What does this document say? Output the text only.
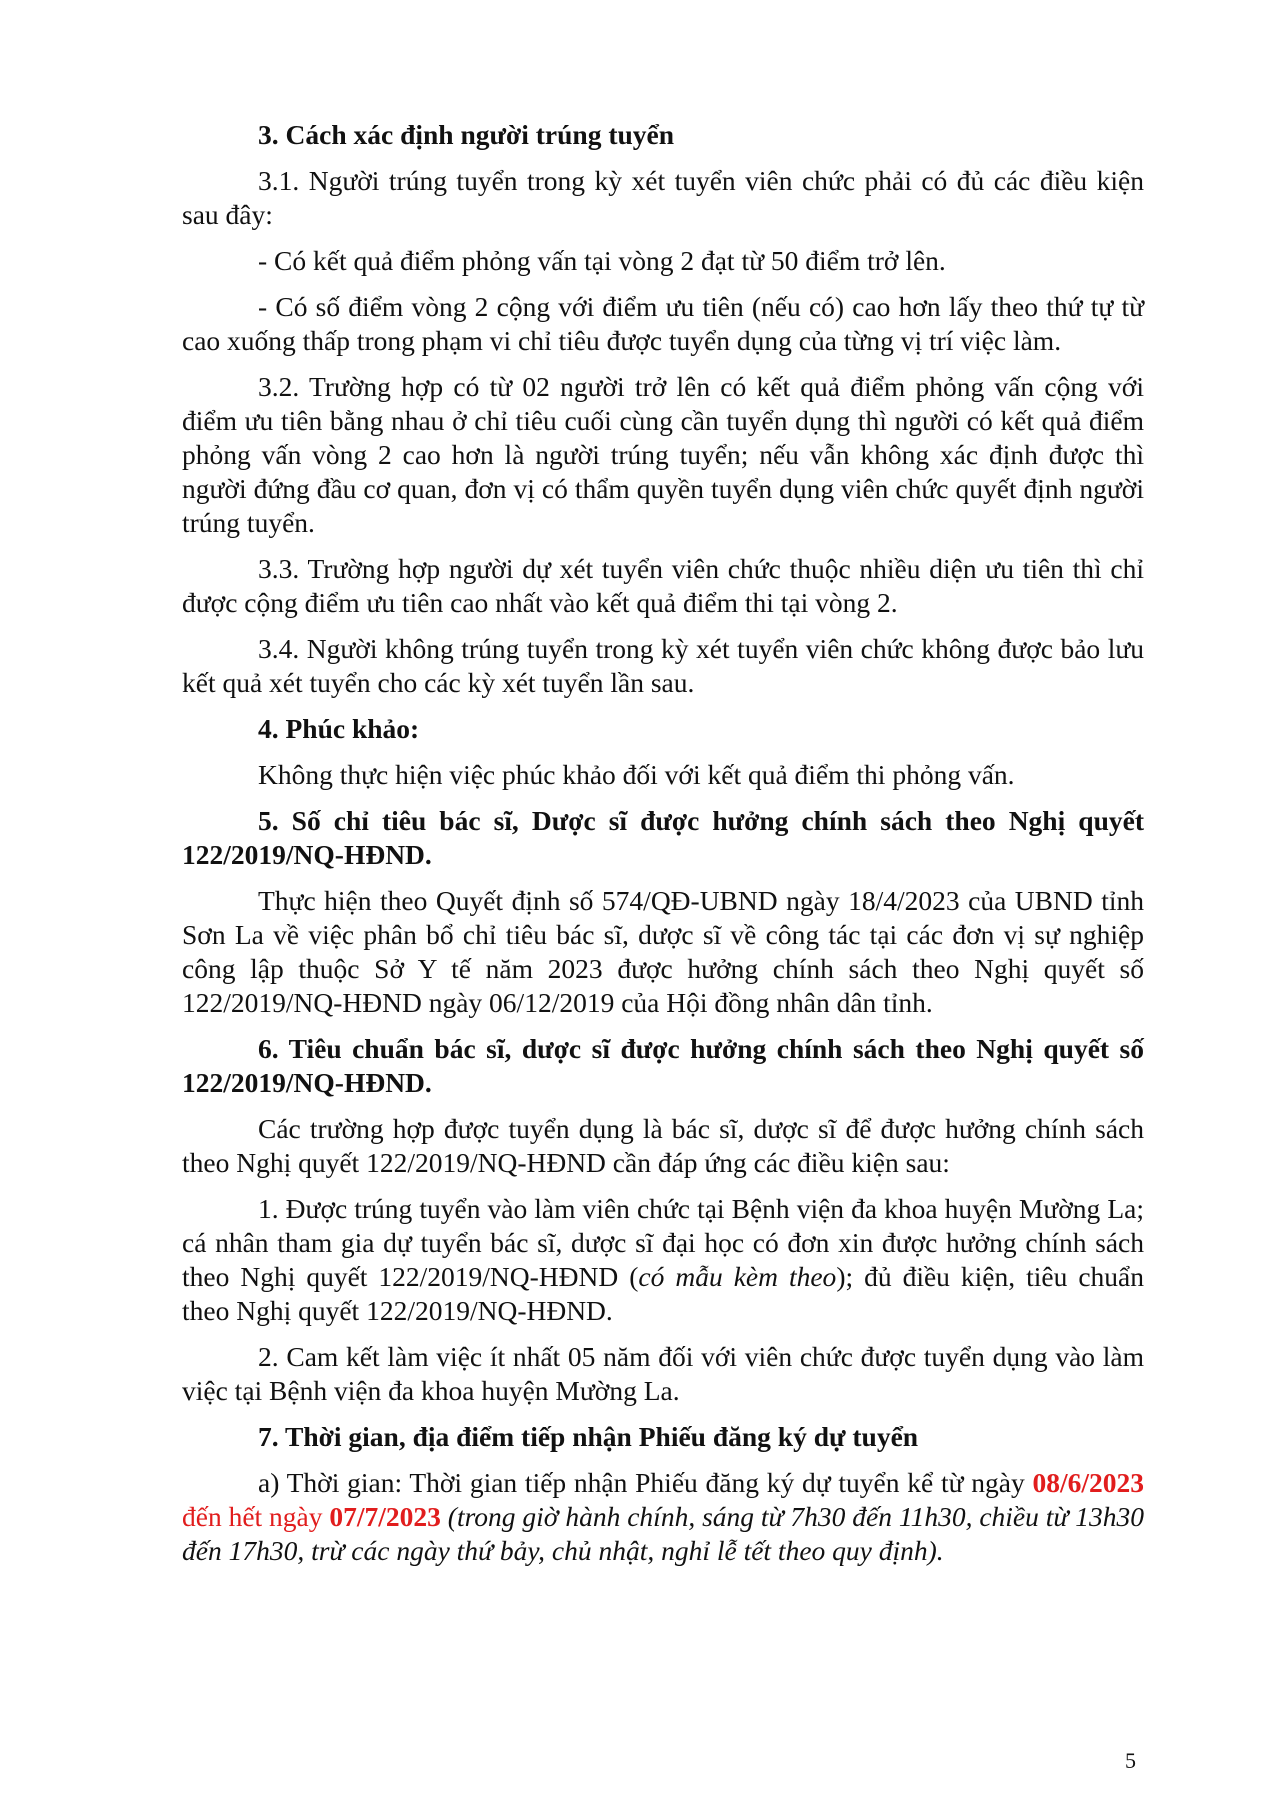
3. Cách xác định người trúng tuyển

3.1. Người trúng tuyển trong kỳ xét tuyển viên chức phải có đủ các điều kiện sau đây:

- Có kết quả điểm phỏng vấn tại vòng 2 đạt từ 50 điểm trở lên.

- Có số điểm vòng 2 cộng với điểm ưu tiên (nếu có) cao hơn lấy theo thứ tự từ cao xuống thấp trong phạm vi chỉ tiêu được tuyển dụng của từng vị trí việc làm.

3.2. Trường hợp có từ 02 người trở lên có kết quả điểm phỏng vấn cộng với điểm ưu tiên bằng nhau ở chỉ tiêu cuối cùng cần tuyển dụng thì người có kết quả điểm phỏng vấn vòng 2 cao hơn là người trúng tuyển; nếu vẫn không xác định được thì người đứng đầu cơ quan, đơn vị có thẩm quyền tuyển dụng viên chức quyết định người trúng tuyển.

3.3. Trường hợp người dự xét tuyển viên chức thuộc nhiều diện ưu tiên thì chỉ được cộng điểm ưu tiên cao nhất vào kết quả điểm thi tại vòng 2.

3.4. Người không trúng tuyển trong kỳ xét tuyển viên chức không được bảo lưu kết quả xét tuyển cho các kỳ xét tuyển lần sau.

4. Phúc khảo:

Không thực hiện việc phúc khảo đối với kết quả điểm thi phỏng vấn.

5. Số chỉ tiêu bác sĩ, Dược sĩ được hưởng chính sách theo Nghị quyết 122/2019/NQ-HĐND.

Thực hiện theo Quyết định số 574/QĐ-UBND ngày 18/4/2023 của UBND tỉnh Sơn La về việc phân bổ chỉ tiêu bác sĩ, dược sĩ về công tác tại các đơn vị sự nghiệp công lập thuộc Sở Y tế năm 2023 được hưởng chính sách theo Nghị quyết số 122/2019/NQ-HĐND ngày 06/12/2019 của Hội đồng nhân dân tỉnh.

6. Tiêu chuẩn bác sĩ, dược sĩ được hưởng chính sách theo Nghị quyết số 122/2019/NQ-HĐND.

Các trường hợp được tuyển dụng là bác sĩ, dược sĩ để được hưởng chính sách theo Nghị quyết 122/2019/NQ-HĐND cần đáp ứng các điều kiện sau:

1. Được trúng tuyển vào làm viên chức tại Bệnh viện đa khoa huyện Mường La; cá nhân tham gia dự tuyển bác sĩ, dược sĩ đại học có đơn xin được hưởng chính sách theo Nghị quyết 122/2019/NQ-HĐND (có mẫu kèm theo); đủ điều kiện, tiêu chuẩn theo Nghị quyết 122/2019/NQ-HĐND.

2. Cam kết làm việc ít nhất 05 năm đối với viên chức được tuyển dụng vào làm việc tại Bệnh viện đa khoa huyện Mường La.

7. Thời gian, địa điểm tiếp nhận Phiếu đăng ký dự tuyển

a) Thời gian: Thời gian tiếp nhận Phiếu đăng ký dự tuyển kể từ ngày 08/6/2023 đến hết ngày 07/7/2023 (trong giờ hành chính, sáng từ 7h30 đến 11h30, chiều từ 13h30 đến 17h30, trừ các ngày thứ bảy, chủ nhật, nghỉ lễ tết theo quy định).

5
